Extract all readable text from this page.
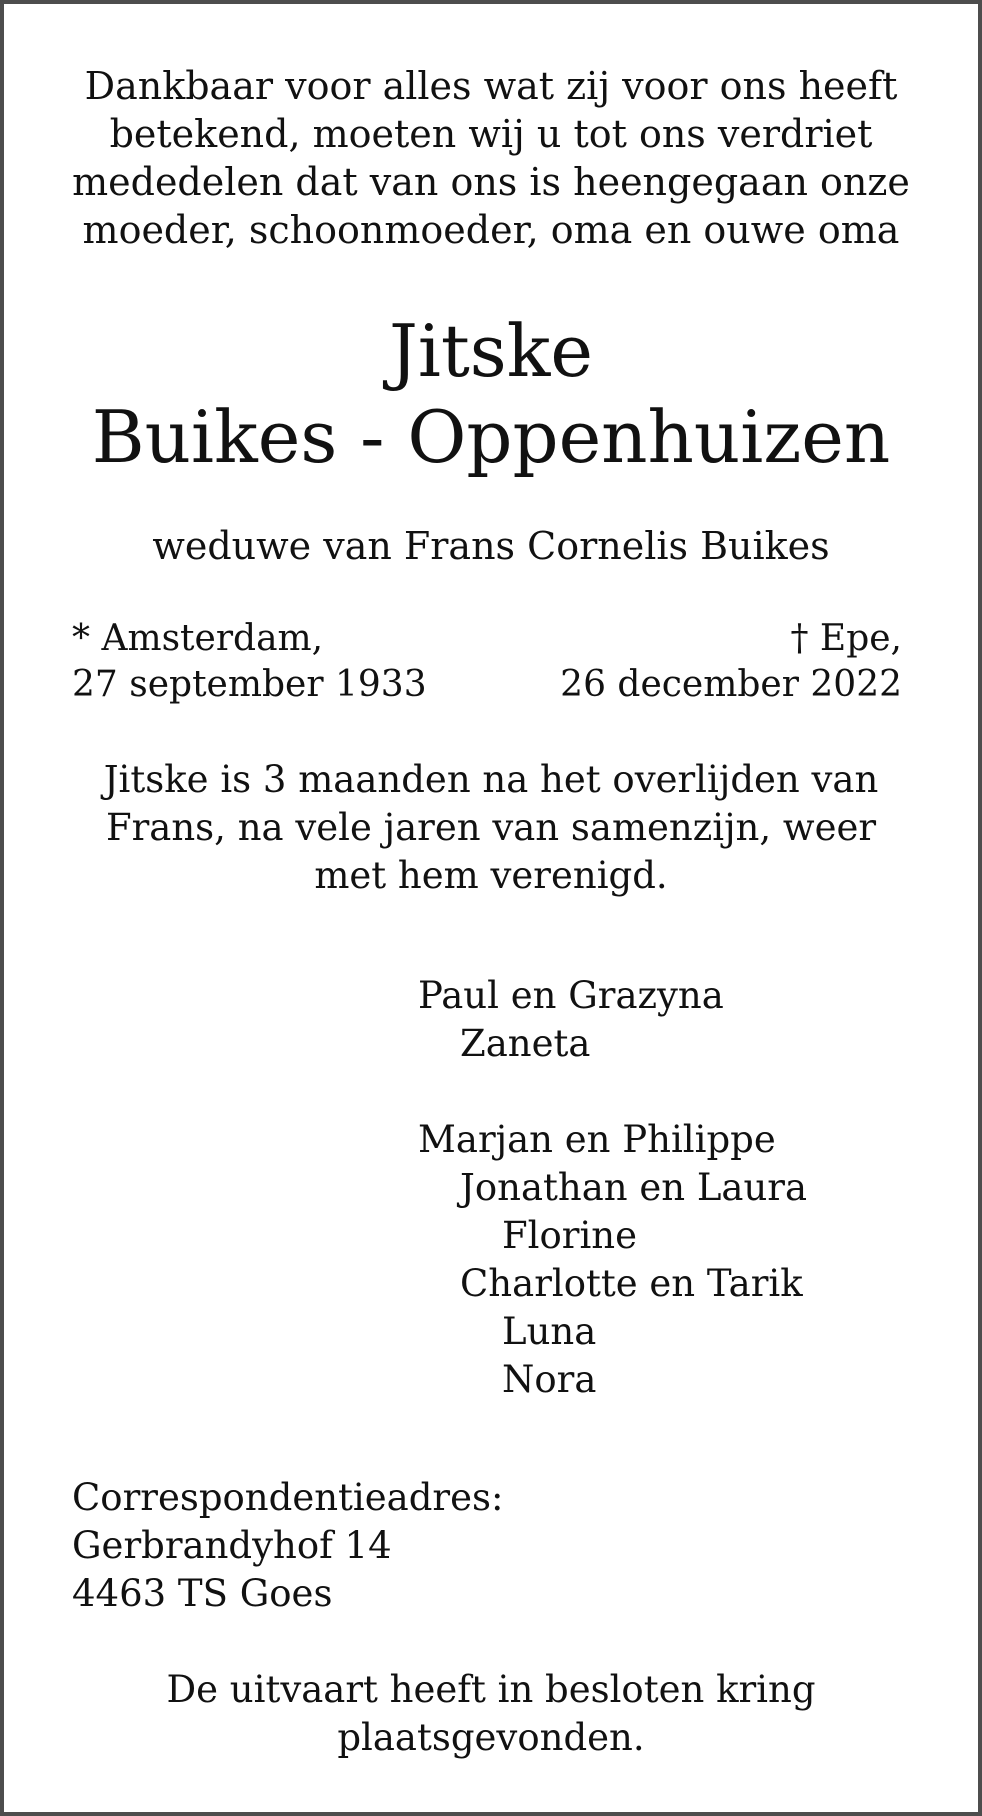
Dankbaar voor alles wat zij voor ons heeft
betekend, moeten wij u tot ons verdriet
mededelen dat van ons is heengegaan onze
moeder, schoonmoeder, oma en ouwe oma
Jitske
Buikes - Oppenhuizen
weduwe van Frans Cornelis Buikes
* Amsterdam,
27 september 1933
† Epe,
26 december 2022
Jitske is 3 maanden na het overlijden van
Frans, na vele jaren van samenzijn, weer
met hem verenigd.
Paul en Grazyna
Zaneta
Marjan en Philippe
Jonathan en Laura
Florine
Charlotte en Tarik
Luna
Nora
Correspondentieadres:
Gerbrandyhof 14
4463 TS Goes
De uitvaart heeft in besloten kring
plaatsgevonden.
